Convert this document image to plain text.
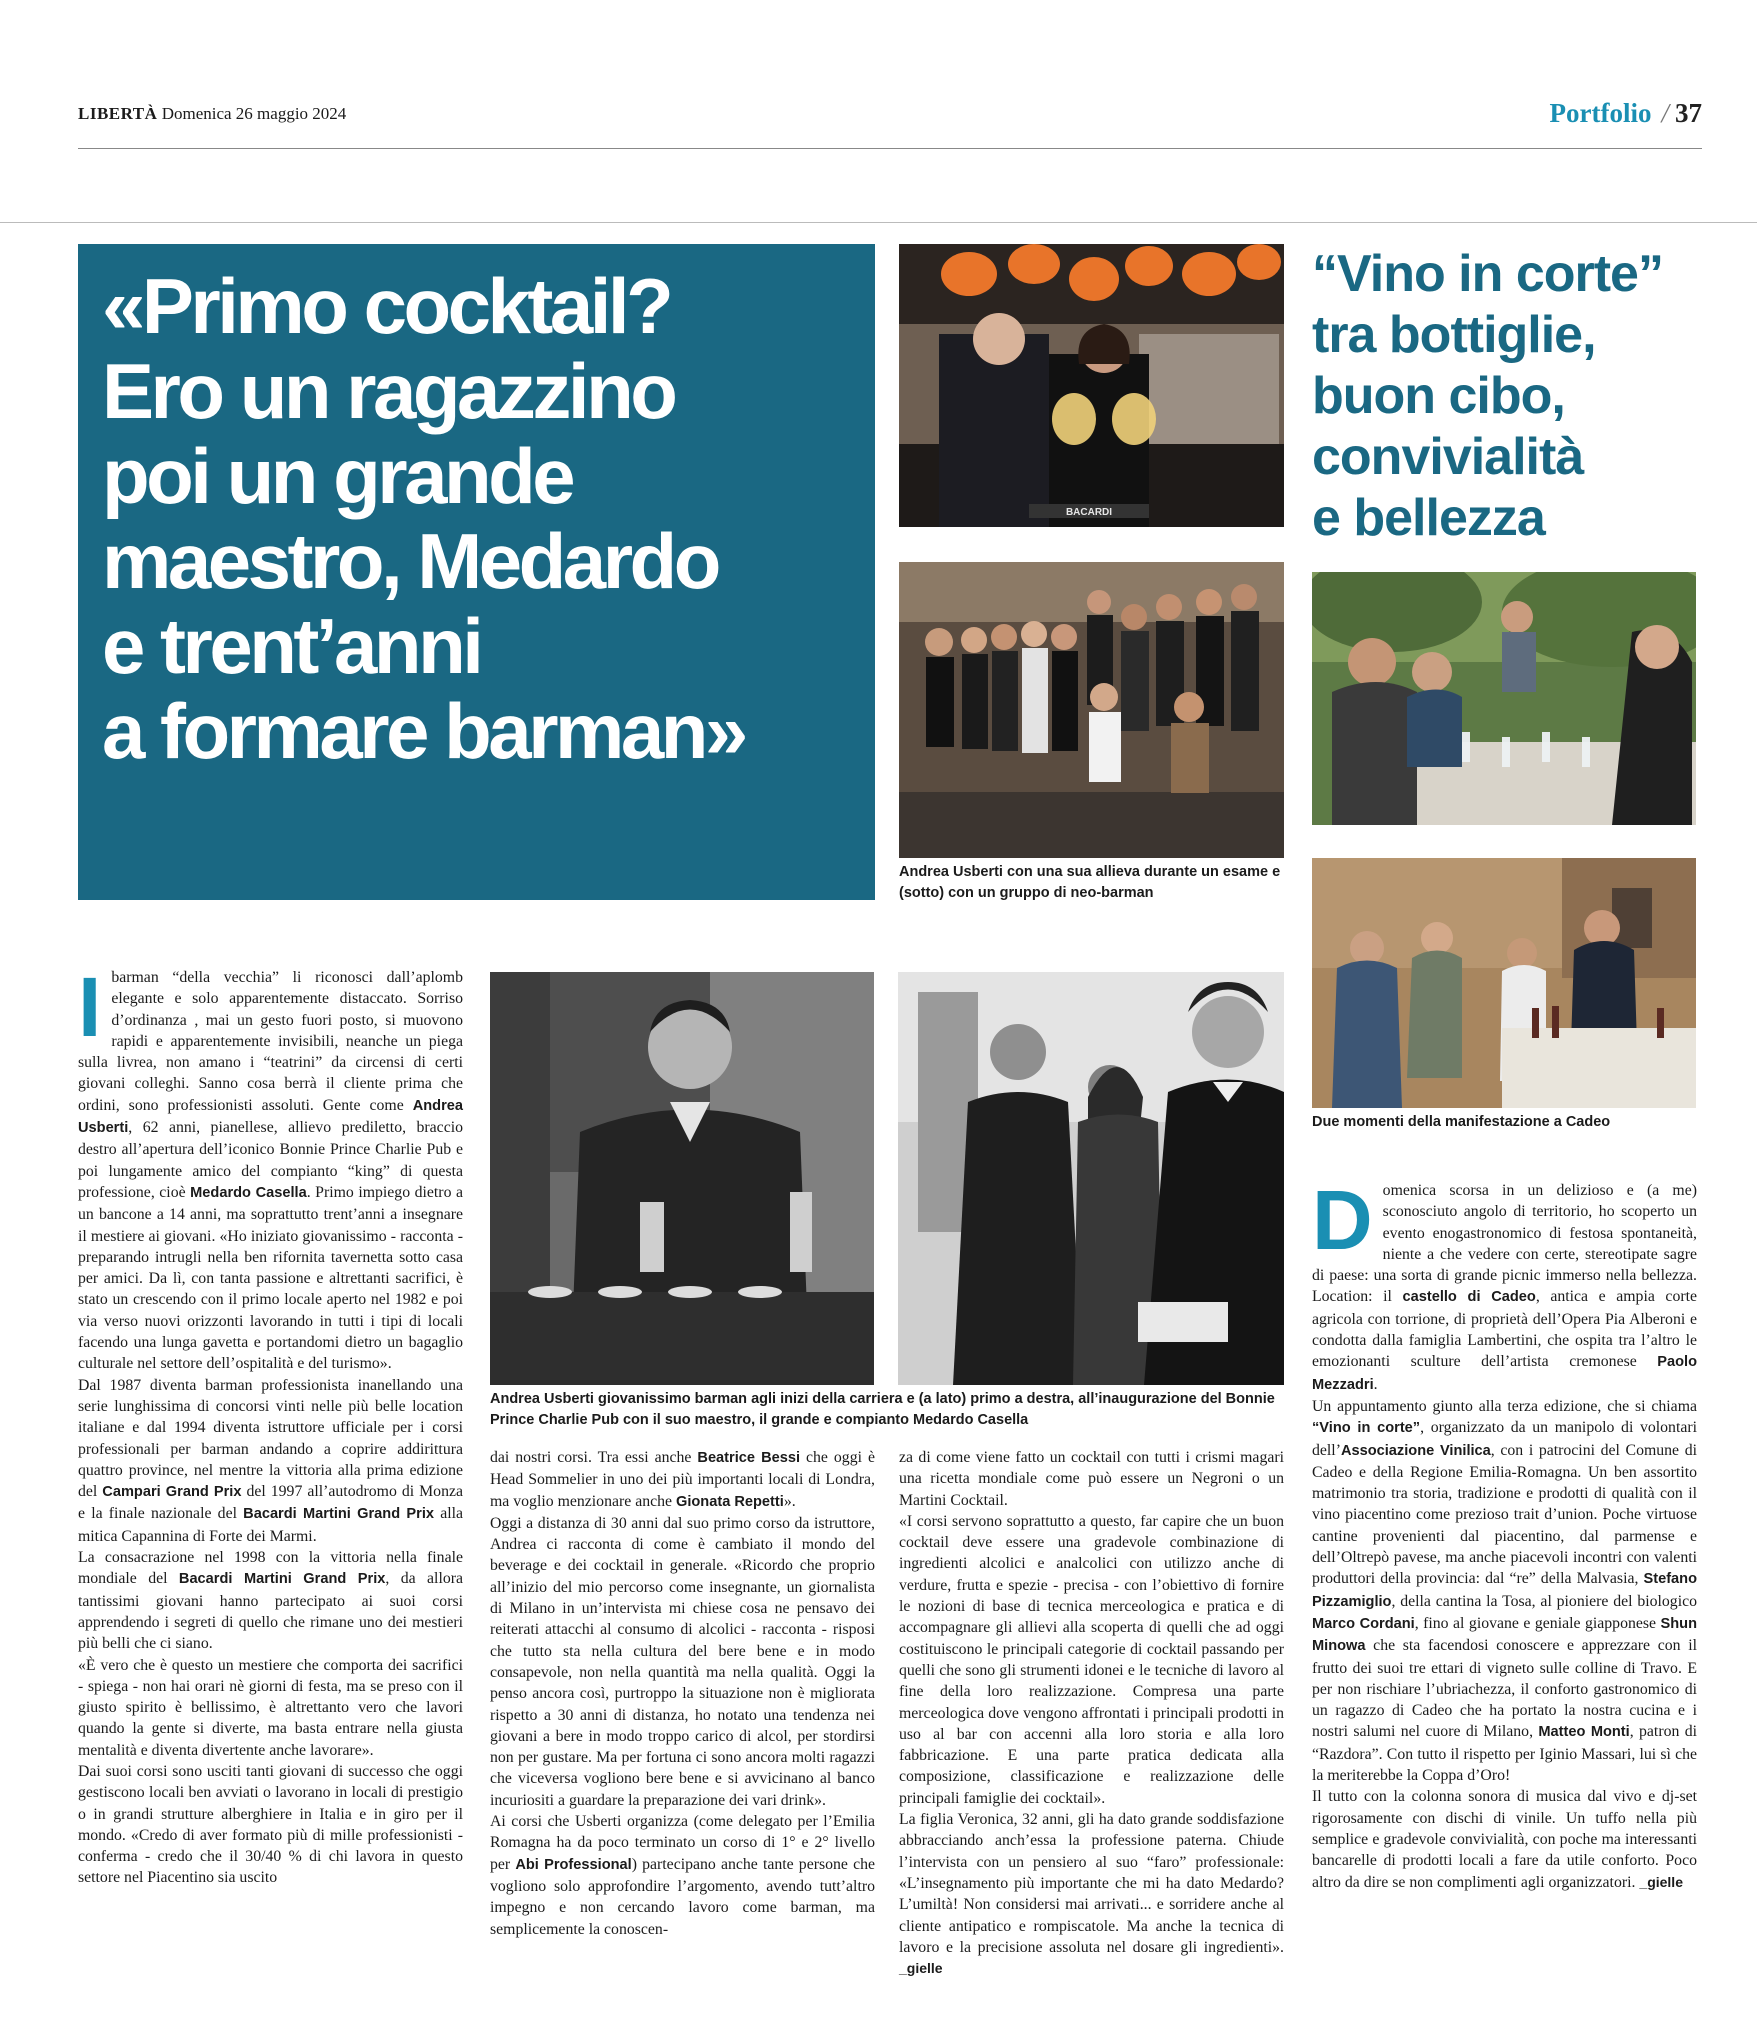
LIBERTÀ Domenica 26 maggio 2024	Portfolio / 37
«Primo cocktail?
Ero un ragazzino
poi un grande
maestro, Medardo
e trent’anni
a formare barman»
“Vino in corte”
tra bottiglie,
buon cibo,
convivialità
e bellezza
BACARDI
Andrea Usberti con una sua allieva durante un esame e (sotto) con un gruppo di neo-barman
Andrea Usberti giovanissimo barman agli inizi della carriera e (a lato) primo a destra, all’inaugurazione del Bonnie Prince Charlie Pub con il suo maestro, il grande e compianto Medardo Casella
Due momenti della manifestazione a Cadeo

Ibarman “della vecchia” li riconosci dall’aplomb elegante e solo apparentemente distaccato. Sorriso d’ordinanza , mai un gesto fuori posto, si muovono rapidi e apparentemente invisibili, neanche un piega sulla livrea, non amano i “teatrini” da circensi di certi giovani colleghi. Sanno cosa berrà il cliente prima che ordini, sono professionisti assoluti. Gente come Andrea Usberti, 62 anni, pianellese, allievo prediletto, braccio destro all’apertura dell’iconico Bonnie Prince Charlie Pub e poi lungamente amico del compianto “king” di questa professione, cioè Medardo Casella. Primo impiego dietro a un bancone a 14 anni, ma soprattutto trent’anni a insegnare il mestiere ai giovani. «Ho iniziato giovanissimo - racconta - preparando intrugli nella ben rifornita tavernetta sotto casa per amici. Da lì, con tanta passione e altrettanti sacrifici, è stato un crescendo con il primo locale aperto nel 1982 e poi via verso nuovi orizzonti lavorando in tutti i tipi di locali facendo una lunga gavetta e portandomi dietro un bagaglio culturale nel settore dell’ospitalità e del turismo».

Dal 1987 diventa barman professionista inanellando una serie lunghissima di concorsi vinti nelle più belle location italiane e dal 1994 diventa istruttore ufficiale per i corsi professionali per barman andando a coprire addirittura quattro province, nel mentre la vittoria alla prima edizione del Campari Grand Prix del 1997 all’autodromo di Monza e la finale nazionale del Bacardi Martini Grand Prix alla mitica Capannina di Forte dei Marmi.

La consacrazione nel 1998 con la vittoria nella finale mondiale del Bacardi Martini Grand Prix, da allora tantissimi giovani hanno partecipato ai suoi corsi apprendendo i segreti di quello che rimane uno dei mestieri più belli che ci siano.

«È vero che è questo un mestiere che comporta dei sacrifici - spiega - non hai orari nè giorni di festa, ma se preso con il giusto spirito è bellissimo, è altrettanto vero che lavori quando la gente si diverte, ma basta entrare nella giusta mentalità e diventa divertente anche lavorare».

Dai suoi corsi sono usciti tanti giovani di successo che oggi gestiscono locali ben avviati o lavorano in locali di prestigio o in grandi strutture alberghiere in Italia e in giro per il mondo. «Credo di aver formato più di mille professionisti - conferma - credo che il 30/40 % di chi lavora in questo settore nel Piacentino sia uscito

dai nostri corsi. Tra essi anche Beatrice Bessi che oggi è Head Sommelier in uno dei più importanti locali di Londra, ma voglio menzionare anche Gionata Repetti».

Oggi a distanza di 30 anni dal suo primo corso da istruttore, Andrea ci racconta di come è cambiato il mondo del beverage e dei cocktail in generale. «Ricordo che proprio all’inizio del mio percorso come insegnante, un giornalista di Milano in un’intervista mi chiese cosa ne pensavo dei reiterati attacchi al consumo di alcolici - racconta - risposi che tutto sta nella cultura del bere bene e in modo consapevole, non nella quantità ma nella qualità. Oggi la penso ancora così, purtroppo la situazione non è migliorata rispetto a 30 anni di distanza, ho notato una tendenza nei giovani a bere in modo troppo carico di alcol, per stordirsi non per gustare. Ma per fortuna ci sono ancora molti ragazzi che viceversa vogliono bere bene e si avvicinano al banco incuriositi a guardare la preparazione dei vari drink».

Ai corsi che Usberti organizza (come delegato per l’Emilia Romagna ha da poco terminato un corso di 1° e 2° livello per Abi Professional) partecipano anche tante persone che vogliono solo approfondire l’argomento, avendo tutt’altro impegno e non cercando lavoro come barman, ma semplicemente la conoscen-

za di come viene fatto un cocktail con tutti i crismi magari una ricetta mondiale come può essere un Negroni o un Martini Cocktail.

«I corsi servono soprattutto a questo, far capire che un buon cocktail deve essere una gradevole combinazione di ingredienti alcolici e analcolici con utilizzo anche di verdure, frutta e spezie - precisa - con l’obiettivo di fornire le nozioni di base di tecnica merceologica e pratica e di accompagnare gli allievi alla scoperta di quelli che ad oggi costituiscono le principali categorie di cocktail passando per quelli che sono gli strumenti idonei e le tecniche di lavoro al fine della loro realizzazione. Compresa una parte merceologica dove vengono affrontati i principali prodotti in uso al bar con accenni alla loro storia e alla loro fabbricazione. E una parte pratica dedicata alla composizione, classificazione e realizzazione delle principali famiglie dei cocktail».

La figlia Veronica, 32 anni, gli ha dato grande soddisfazione abbracciando anch’essa la professione paterna. Chiude l’intervista con un pensiero al suo “faro” professionale: «L’insegnamento più importante che mi ha dato Medardo? L’umiltà! Non considersi mai arrivati... e sorridere anche al cliente antipatico e rompiscatole. Ma anche la tecnica di lavoro e la precisione assoluta nel dosare gli ingredienti». _gielle

Domenica scorsa in un delizioso e (a me) sconosciuto angolo di territorio, ho scoperto un evento enogastronomico di festosa spontaneità, niente a che vedere con certe, stereotipate sagre di paese: una sorta di grande picnic immerso nella bellezza. Location: il castello di Cadeo, antica e ampia corte agricola con torrione, di proprietà dell’Opera Pia Alberoni e condotta dalla famiglia Lambertini, che ospita tra l’altro le emozionanti sculture dell’artista cremonese Paolo Mezzadri.

Un appuntamento giunto alla terza edizione, che si chiama “Vino in corte”, organizzato da un manipolo di volontari dell’Associazione Vinilica, con i patrocini del Comune di Cadeo e della Regione Emilia-Romagna. Un ben assortito matrimonio tra storia, tradizione e prodotti di qualità con il vino piacentino come prezioso trait d’union. Poche virtuose cantine provenienti dal piacentino, dal parmense e dell’Oltrepò pavese, ma anche piacevoli incontri con valenti produttori della provincia: dal “re” della Malvasia, Stefano Pizzamiglio, della cantina la Tosa, al pioniere del biologico Marco Cordani, fino al giovane e geniale giapponese Shun Minowa che sta facendosi conoscere e apprezzare con il frutto dei suoi tre ettari di vigneto sulle colline di Travo. E per non rischiare l’ubriachezza, il conforto gastronomico di un ragazzo di Cadeo che ha portato la nostra cucina e i nostri salumi nel cuore di Milano, Matteo Monti, patron di “Razdora”. Con tutto il rispetto per Iginio Massari, lui sì che la meriterebbe la Coppa d’Oro!

Il tutto con la colonna sonora di musica dal vivo e dj-set rigorosamente con dischi di vinile. Un tuffo nella più semplice e gradevole convivialità, con poche ma interessanti bancarelle di prodotti locali a fare da utile conforto. Poco altro da dire se non complimenti agli organizzatori. _gielle
